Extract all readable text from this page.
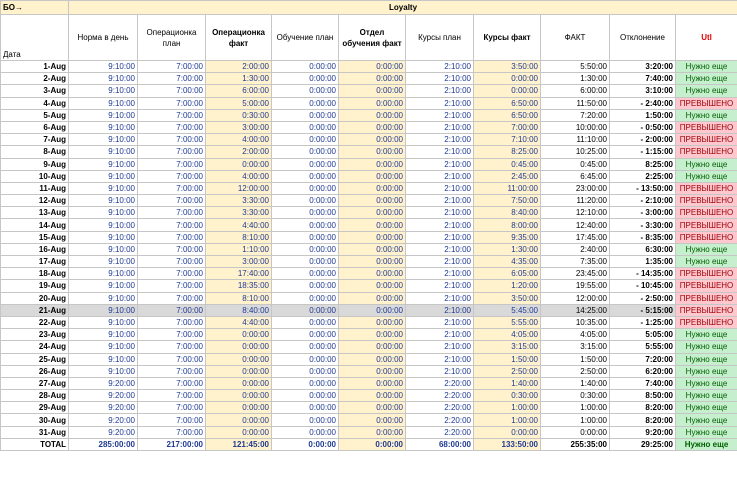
БО→	Loyalty									
Дата	Норма в день	Операционка план	Операционка факт	Обучение план	Отдел обучения факт	Курсы план	Курсы факт	ФАКТ	Отклонение	Utl
1-Aug	9:10:00	7:00:00	2:00:00	0:00:00	0:00:00	2:10:00	3:50:00	5:50:00	3:20:00	Нужно еще
2-Aug	9:10:00	7:00:00	1:30:00	0:00:00	0:00:00	2:10:00	0:00:00	1:30:00	7:40:00	Нужно еще
3-Aug	9:10:00	7:00:00	6:00:00	0:00:00	0:00:00	2:10:00	0:00:00	6:00:00	3:10:00	Нужно еще
4-Aug	9:10:00	7:00:00	5:00:00	0:00:00	0:00:00	2:10:00	6:50:00	11:50:00	- 2:40:00	ПРЕВЫШЕНО
5-Aug	9:10:00	7:00:00	0:30:00	0:00:00	0:00:00	2:10:00	6:50:00	7:20:00	1:50:00	Нужно еще
6-Aug	9:10:00	7:00:00	3:00:00	0:00:00	0:00:00	2:10:00	7:00:00	10:00:00	- 0:50:00	ПРЕВЫШЕНО
7-Aug	9:10:00	7:00:00	4:00:00	0:00:00	0:00:00	2:10:00	7:10:00	11:10:00	- 2:00:00	ПРЕВЫШЕНО
8-Aug	9:10:00	7:00:00	2:00:00	0:00:00	0:00:00	2:10:00	8:25:00	10:25:00	- 1:15:00	ПРЕВЫШЕНО
9-Aug	9:10:00	7:00:00	0:00:00	0:00:00	0:00:00	2:10:00	0:45:00	0:45:00	8:25:00	Нужно еще
10-Aug	9:10:00	7:00:00	4:00:00	0:00:00	0:00:00	2:10:00	2:45:00	6:45:00	2:25:00	Нужно еще
11-Aug	9:10:00	7:00:00	12:00:00	0:00:00	0:00:00	2:10:00	11:00:00	23:00:00	- 13:50:00	ПРЕВЫШЕНО
12-Aug	9:10:00	7:00:00	3:30:00	0:00:00	0:00:00	2:10:00	7:50:00	11:20:00	- 2:10:00	ПРЕВЫШЕНО
13-Aug	9:10:00	7:00:00	3:30:00	0:00:00	0:00:00	2:10:00	8:40:00	12:10:00	- 3:00:00	ПРЕВЫШЕНО
14-Aug	9:10:00	7:00:00	4:40:00	0:00:00	0:00:00	2:10:00	8:00:00	12:40:00	- 3:30:00	ПРЕВЫШЕНО
15-Aug	9:10:00	7:00:00	8:10:00	0:00:00	0:00:00	2:10:00	9:35:00	17:45:00	- 8:35:00	ПРЕВЫШЕНО
16-Aug	9:10:00	7:00:00	1:10:00	0:00:00	0:00:00	2:10:00	1:30:00	2:40:00	6:30:00	Нужно еще
17-Aug	9:10:00	7:00:00	3:00:00	0:00:00	0:00:00	2:10:00	4:35:00	7:35:00	1:35:00	Нужно еще
18-Aug	9:10:00	7:00:00	17:40:00	0:00:00	0:00:00	2:10:00	6:05:00	23:45:00	- 14:35:00	ПРЕВЫШЕНО
19-Aug	9:10:00	7:00:00	18:35:00	0:00:00	0:00:00	2:10:00	1:20:00	19:55:00	- 10:45:00	ПРЕВЫШЕНО
20-Aug	9:10:00	7:00:00	8:10:00	0:00:00	0:00:00	2:10:00	3:50:00	12:00:00	- 2:50:00	ПРЕВЫШЕНО
21-Aug	9:10:00	7:00:00	8:40:00	0:00:00	0:00:00	2:10:00	5:45:00	14:25:00	- 5:15:00	ПРЕВЫШЕНО
22-Aug	9:10:00	7:00:00	4:40:00	0:00:00	0:00:00	2:10:00	5:55:00	10:35:00	- 1:25:00	ПРЕВЫШЕНО
23-Aug	9:10:00	7:00:00	0:00:00	0:00:00	0:00:00	2:10:00	4:05:00	4:05:00	5:05:00	Нужно еще
24-Aug	9:10:00	7:00:00	0:00:00	0:00:00	0:00:00	2:10:00	3:15:00	3:15:00	5:55:00	Нужно еще
25-Aug	9:10:00	7:00:00	0:00:00	0:00:00	0:00:00	2:10:00	1:50:00	1:50:00	7:20:00	Нужно еще
26-Aug	9:10:00	7:00:00	0:00:00	0:00:00	0:00:00	2:10:00	2:50:00	2:50:00	6:20:00	Нужно еще
27-Aug	9:20:00	7:00:00	0:00:00	0:00:00	0:00:00	2:20:00	1:40:00	1:40:00	7:40:00	Нужно еще
28-Aug	9:20:00	7:00:00	0:00:00	0:00:00	0:00:00	2:20:00	0:30:00	0:30:00	8:50:00	Нужно еще
29-Aug	9:20:00	7:00:00	0:00:00	0:00:00	0:00:00	2:20:00	1:00:00	1:00:00	8:20:00	Нужно еще
30-Aug	9:20:00	7:00:00	0:00:00	0:00:00	0:00:00	2:20:00	1:00:00	1:00:00	8:20:00	Нужно еще
31-Aug	9:20:00	7:00:00	0:00:00	0:00:00	0:00:00	2:20:00	0:00:00	0:00:00	9:20:00	Нужно еще
TOTAL	285:00:00	217:00:00	121:45:00	0:00:00	0:00:00	68:00:00	133:50:00	255:35:00	29:25:00	Нужно еще
